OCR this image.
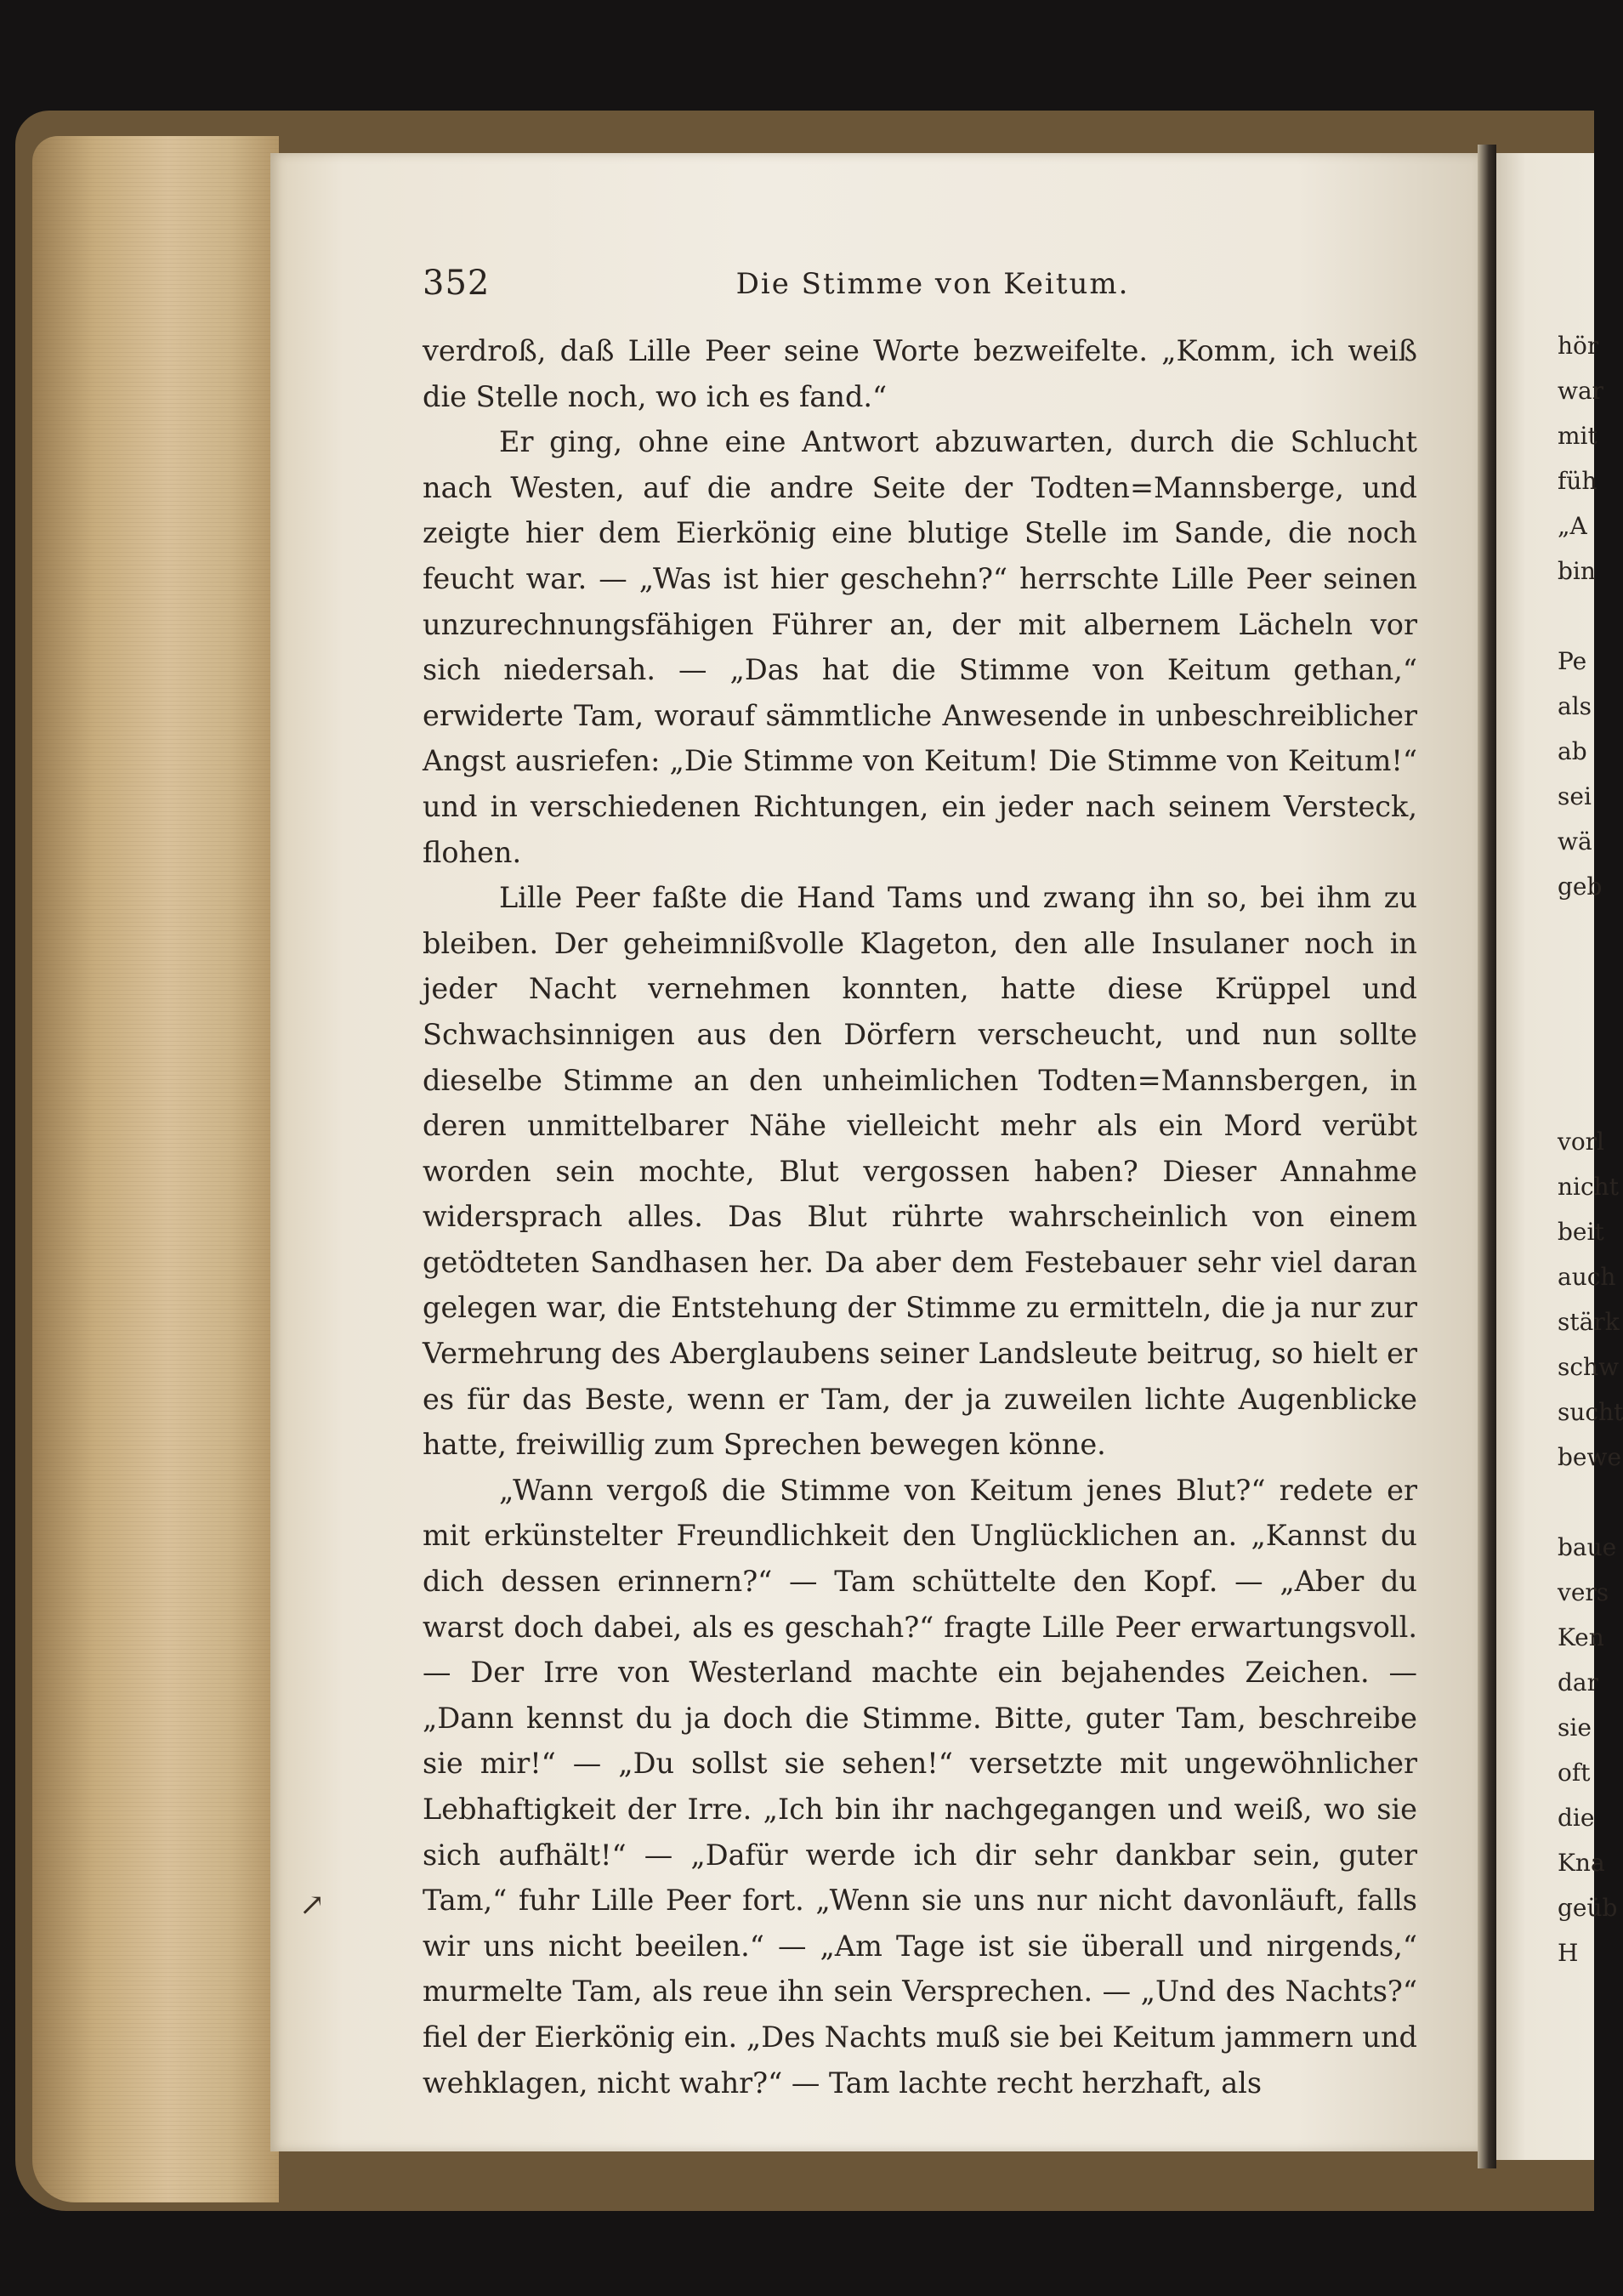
352	Die Stimme von Keitum.

verdroß, daß Lille Peer seine Worte bezweifelte. „Komm, ich weiß die Stelle noch, wo ich es fand.“

Er ging, ohne eine Antwort abzuwarten, durch die Schlucht nach Westen, auf die andre Seite der Todten=Mannsberge, und zeigte hier dem Eierkönig eine blutige Stelle im Sande, die noch feucht war. — „Was ist hier geschehn?“ herrschte Lille Peer seinen unzurechnungsfähigen Führer an, der mit albernem Lächeln vor sich niedersah. — „Das hat die Stimme von Keitum gethan,“ erwiderte Tam, worauf sämmtliche Anwesende in unbeschreiblicher Angst ausriefen: „Die Stimme von Keitum! Die Stimme von Keitum!“ und in verschiedenen Richtungen, ein jeder nach seinem Versteck, flohen.

Lille Peer faßte die Hand Tams und zwang ihn so, bei ihm zu bleiben. Der geheimnißvolle Klageton, den alle Insulaner noch in jeder Nacht vernehmen konnten, hatte diese Krüppel und Schwachsinnigen aus den Dörfern verscheucht, und nun sollte dieselbe Stimme an den unheimlichen Todten=Mannsbergen, in deren unmittelbarer Nähe vielleicht mehr als ein Mord verübt worden sein mochte, Blut vergossen haben? Dieser Annahme widersprach alles. Das Blut rührte wahrscheinlich von einem getödteten Sandhasen her. Da aber dem Festebauer sehr viel daran gelegen war, die Entstehung der Stimme zu ermitteln, die ja nur zur Vermehrung des Aberglaubens seiner Landsleute beitrug, so hielt er es für das Beste, wenn er Tam, der ja zuweilen lichte Augenblicke hatte, freiwillig zum Sprechen bewegen könne.

„Wann vergoß die Stimme von Keitum jenes Blut?“ redete er mit erkünstelter Freundlichkeit den Unglücklichen an. „Kannst du dich dessen erinnern?“ — Tam schüttelte den Kopf. — „Aber du warst doch dabei, als es geschah?“ fragte Lille Peer erwartungsvoll. — Der Irre von Westerland machte ein bejahendes Zeichen. — „Dann kennst du ja doch die Stimme. Bitte, guter Tam, beschreibe sie mir!“ — „Du sollst sie sehen!“ versetzte mit ungewöhnlicher Lebhaftigkeit der Irre. „Ich bin ihr nachgegangen und weiß, wo sie sich aufhält!“ — „Dafür werde ich dir sehr dankbar sein, guter Tam,“ fuhr Lille Peer fort. „Wenn sie uns nur nicht davonläuft, falls wir uns nicht beeilen.“ — „Am Tage ist sie überall und nirgends,“ murmelte Tam, als reue ihn sein Versprechen. — „Und des Nachts?“ fiel der Eierkönig ein. „Des Nachts muß sie bei Keitum jammern und wehklagen, nicht wahr?“ — Tam lachte recht herzhaft, als

hör
war
mit
füh
„A
bin

Pe
als
ab
sei
wä
geb
vorl
nicht
beit
auch
stärk
schw
sucht
bewe

baue
vers
Ken
dar
sie
oft
die
Kna
geüb
H
↗
